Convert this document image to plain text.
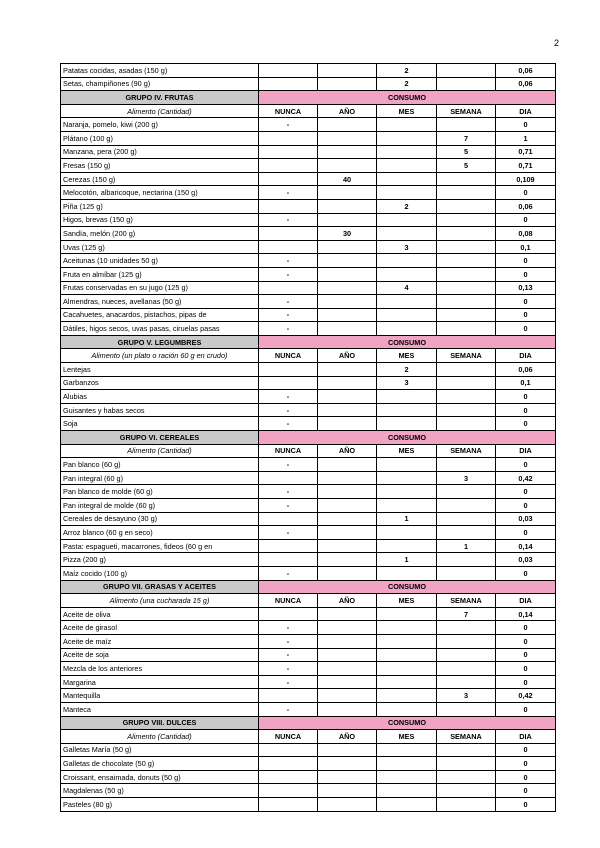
2
Patatas cocidas, asadas (150 g)			2		0,06
Setas, champiñones (90 g)			2		0,06
GRUPO IV. FRUTAS	CONSUMO				
Alimento (Cantidad)	NUNCA	AÑO	MES	SEMANA	DIA
Naranja, pomelo, kiwi (200 g)	-				0
Plátano (100 g)				7	1
Manzana, pera (200 g)				5	0,71
Fresas (150 g)				5	0,71
Cerezas (150 g)		40			0,109
Melocotón, albaricoque, nectarina (150 g)	-				0
Piña (125 g)			2		0,06
Higos, brevas (150 g)	-				0
Sandía, melón (200 g)		30			0,08
Uvas (125 g)			3		0,1
Aceitunas (10 unidades 50 g)	-				0
Fruta en almíbar (125 g)	-				0
Frutas conservadas en su jugo (125 g)			4		0,13
Almendras, nueces, avellanas (50 g)	-				0
Cacahuetes, anacardos, pistachos, pipas de	-				0
Dátiles, higos secos, uvas pasas, ciruelas pasas	-				0
GRUPO V. LEGUMBRES	CONSUMO				
Alimento (un plato o ración 60 g en crudo)	NUNCA	AÑO	MES	SEMANA	DIA
Lentejas			2		0,06
Garbanzos			3		0,1
Alubias	-				0
Guisantes y habas secos	-				0
Soja	-				0
GRUPO VI. CEREALES	CONSUMO				
Alimento (Cantidad)	NUNCA	AÑO	MES	SEMANA	DIA
Pan blanco (60 g)	-				0
Pan integral (60 g)				3	0,42
Pan blanco de molde (60 g)	-				0
Pan integral de molde (60 g)	-				0
Cereales de desayuno (30 g)			1		0,03
Arroz blanco (60 g en seco)	-				0
Pasta: espagueti, macarrones, fideos (60 g en				1	0,14
Pizza (200 g)			1		0,03
Maíz cocido (100 g)	-				0
GRUPO VII. GRASAS Y ACEITES	CONSUMO				
Alimento (una cucharada 15 g)	NUNCA	AÑO	MES	SEMANA	DIA
Aceite de oliva				7	0,14
Aceite de girasol	-				0
Aceite de maíz	-				0
Aceite de soja	-				0
Mezcla de los anteriores	-				0
Margarina	-				0
Mantequilla				3	0,42
Manteca	-				0
GRUPO VIII. DULCES	CONSUMO				
Alimento (Cantidad)	NUNCA	AÑO	MES	SEMANA	DIA
Galletas María (50 g)					0
Galletas de chocolate (50 g)					0
Croissant, ensaimada, donuts (50 g)					0
Magdalenas (50 g)					0
Pasteles (80 g)					0
